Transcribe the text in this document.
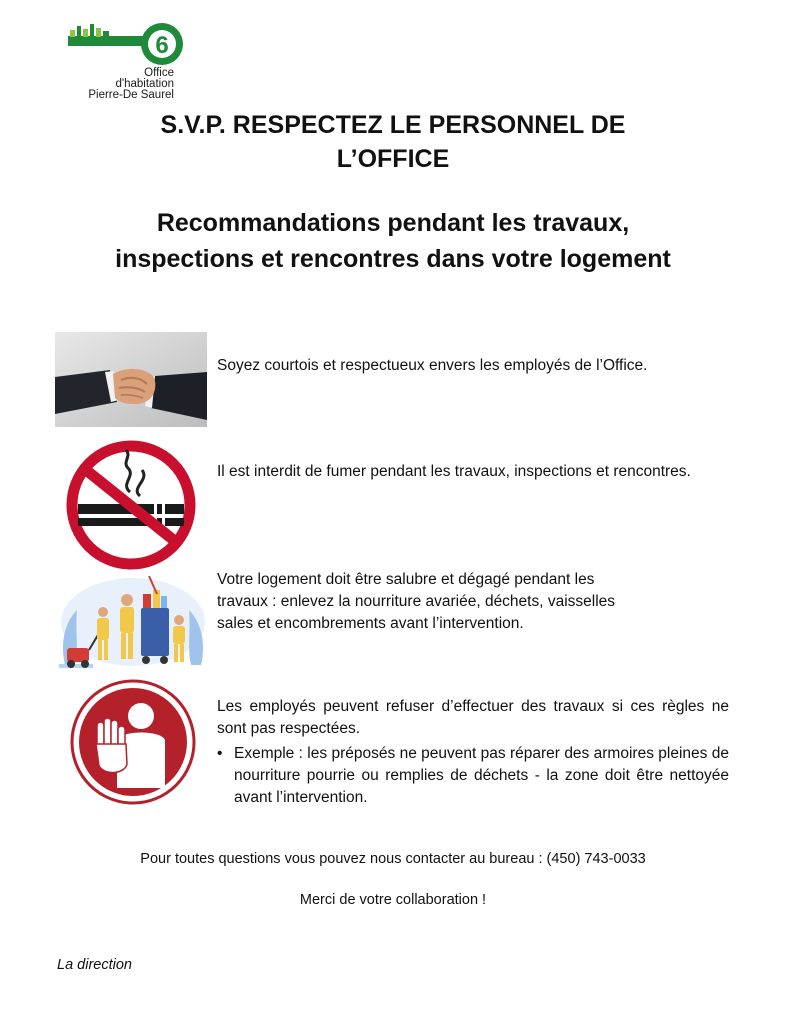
6
Office
d'habitation
Pierre-De Saurel
S.V.P. RESPECTEZ LE PERSONNEL DE
L’OFFICE
Recommandations pendant les travaux,
inspections et rencontres dans votre logement

Soyez courtois et respectueux envers les employés de l’Office.

Il est interdit de fumer pendant les travaux, inspections et rencontres.

Votre logement doit être salubre et dégagé pendant les
travaux : enlevez la nourriture avariée, déchets, vaisselles
sales et encombrements avant l’intervention.

Les employés peuvent refuser d’effectuer des travaux si ces règles ne sont pas respectées.

• Exemple : les préposés ne peuvent pas réparer des armoires pleines de nourriture pourrie ou remplies de déchets - la zone doit être nettoyée avant l’intervention.

Pour toutes questions vous pouvez nous contacter au bureau : (450) 743-0033

Merci de votre collaboration !

La direction
